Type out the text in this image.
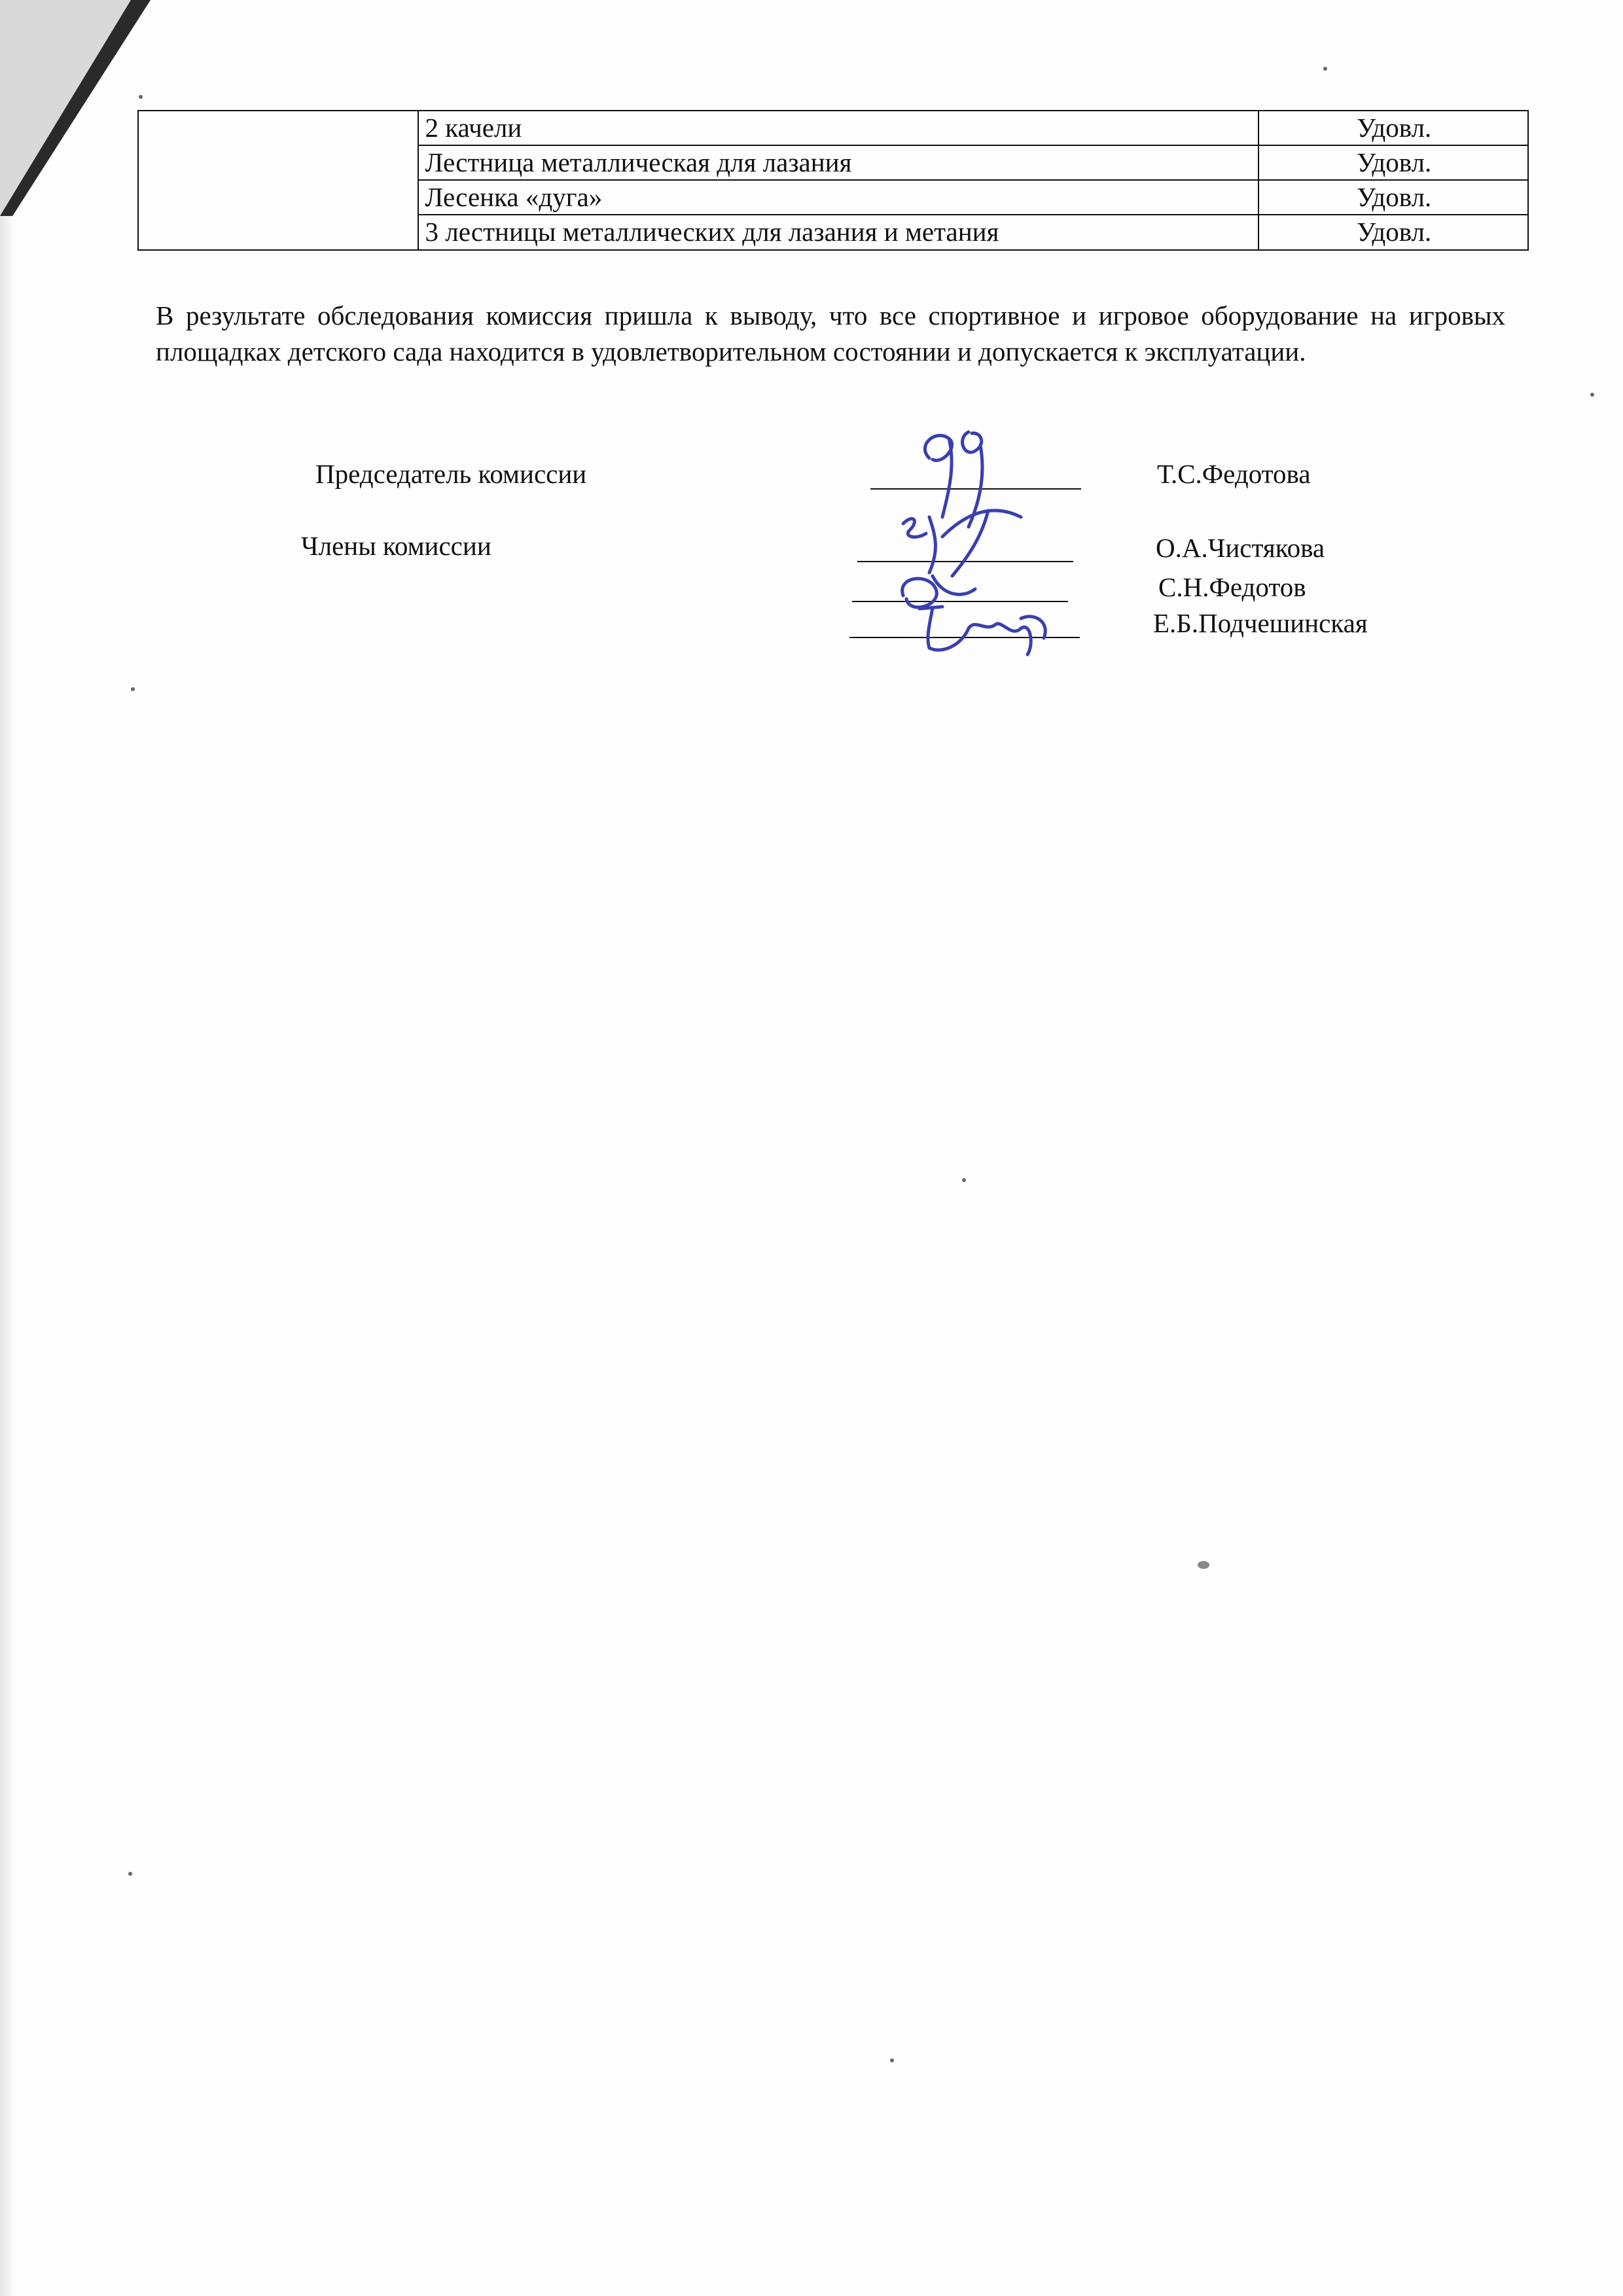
	2 качели	Удовл.
	Лестница металлическая для лазания	Удовл.
	Лесенка «дуга»	Удовл.
	3 лестницы металлических для лазания и метания	Удовл.

В результате обследования комиссия пришла к выводу, что все спортивное и игровое оборудование на игровых площадках детского сада находится в удовлетворительном состоянии и допускается к эксплуатации.

Председатель комиссии	Т.С.Федотова
Члены комиссии	О.А.Чистякова
С.Н.Федотов
Е.Б.Подчешинская
